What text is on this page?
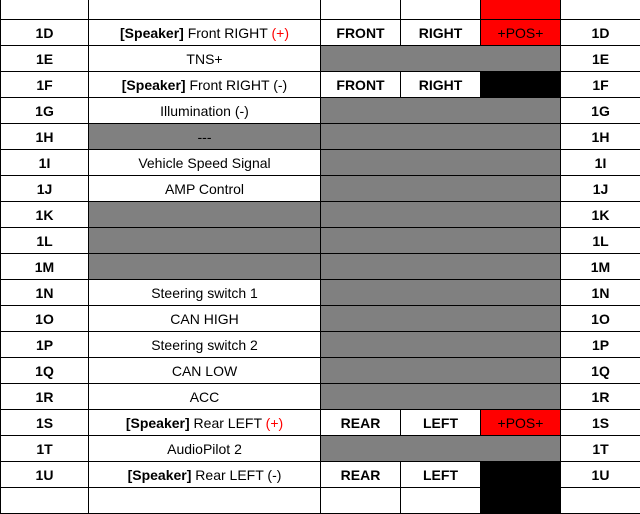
1D	[Speaker] Front RIGHT (+)	FRONT	RIGHT	+POS+	1D
1E	TNS+				1E
1F	[Speaker] Front RIGHT (-)	FRONT	RIGHT	-NEG-	1F
1G	Illumination (-)				1G
1H	---				1H
1I	Vehicle Speed Signal				1I
1J	AMP Control				1J
1K					1K
1L					1L
1M					1M
1N	Steering switch 1				1N
1O	CAN HIGH				1O
1P	Steering switch 2				1P
1Q	CAN LOW				1Q
1R	ACC				1R
1S	[Speaker] Rear LEFT (+)	REAR	LEFT	+POS+	1S
1T	AudioPilot 2				1T
1U	[Speaker] Rear LEFT (-)	REAR	LEFT	-NEG-	1U
